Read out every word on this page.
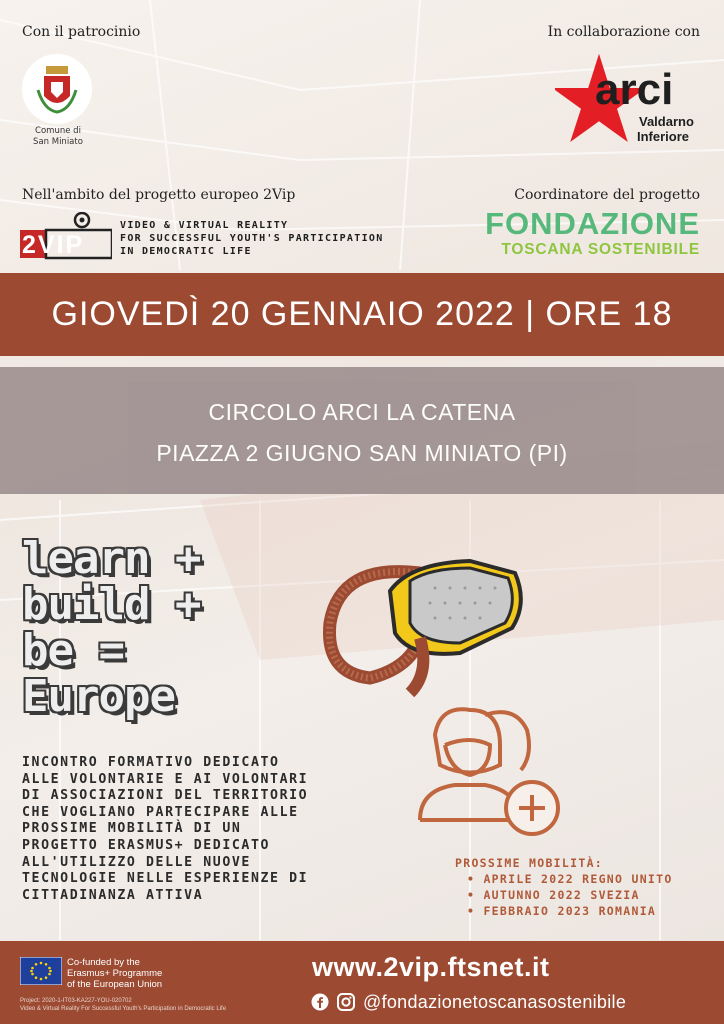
Con il patrocinio	In collaborazione con
Comune di
San Miniato
arci
Valdarno
Inferiore
Nell'ambito del progetto europeo 2Vip	Coordinatore del progetto
2VIP
VIDEO & VIRTUAL REALITY
FOR SUCCESSFUL YOUTH'S PARTICIPATION
IN DEMOCRATIC LIFE
FONDAZIONE
TOSCANA SOSTENIBILE
GIOVEDÌ 20 GENNAIO 2022 | ORE 18
CIRCOLO ARCI LA CATENA
PIAZZA 2 GIUGNO SAN MINIATO (PI)
learn +
build +
be =
Europe
INCONTRO FORMATIVO DEDICATO
ALLE VOLONTARIE E AI VOLONTARI
DI ASSOCIAZIONI DEL TERRITORIO
CHE VOGLIANO PARTECIPARE ALLE
PROSSIME MOBILITÀ DI UN
PROGETTO ERASMUS+ DEDICATO
ALL'UTILIZZO DELLE NUOVE
TECNOLOGIE NELLE ESPERIENZE DI
CITTADINANZA ATTIVA
PROSSIME MOBILITÀ:
• APRILE 2022 REGNO UNITO
• AUTUNNO 2022 SVEZIA
• FEBBRAIO 2023 ROMANIA
Co-funded by the
Erasmus+ Programme
of the European Union
Project: 2020-1-IT03-KA227-YOU-020702
Video & Virtual Reality For Successful Youth's Participation in Democratic Life
www.2vip.ftsnet.it
@fondazionetoscanasostenibile
